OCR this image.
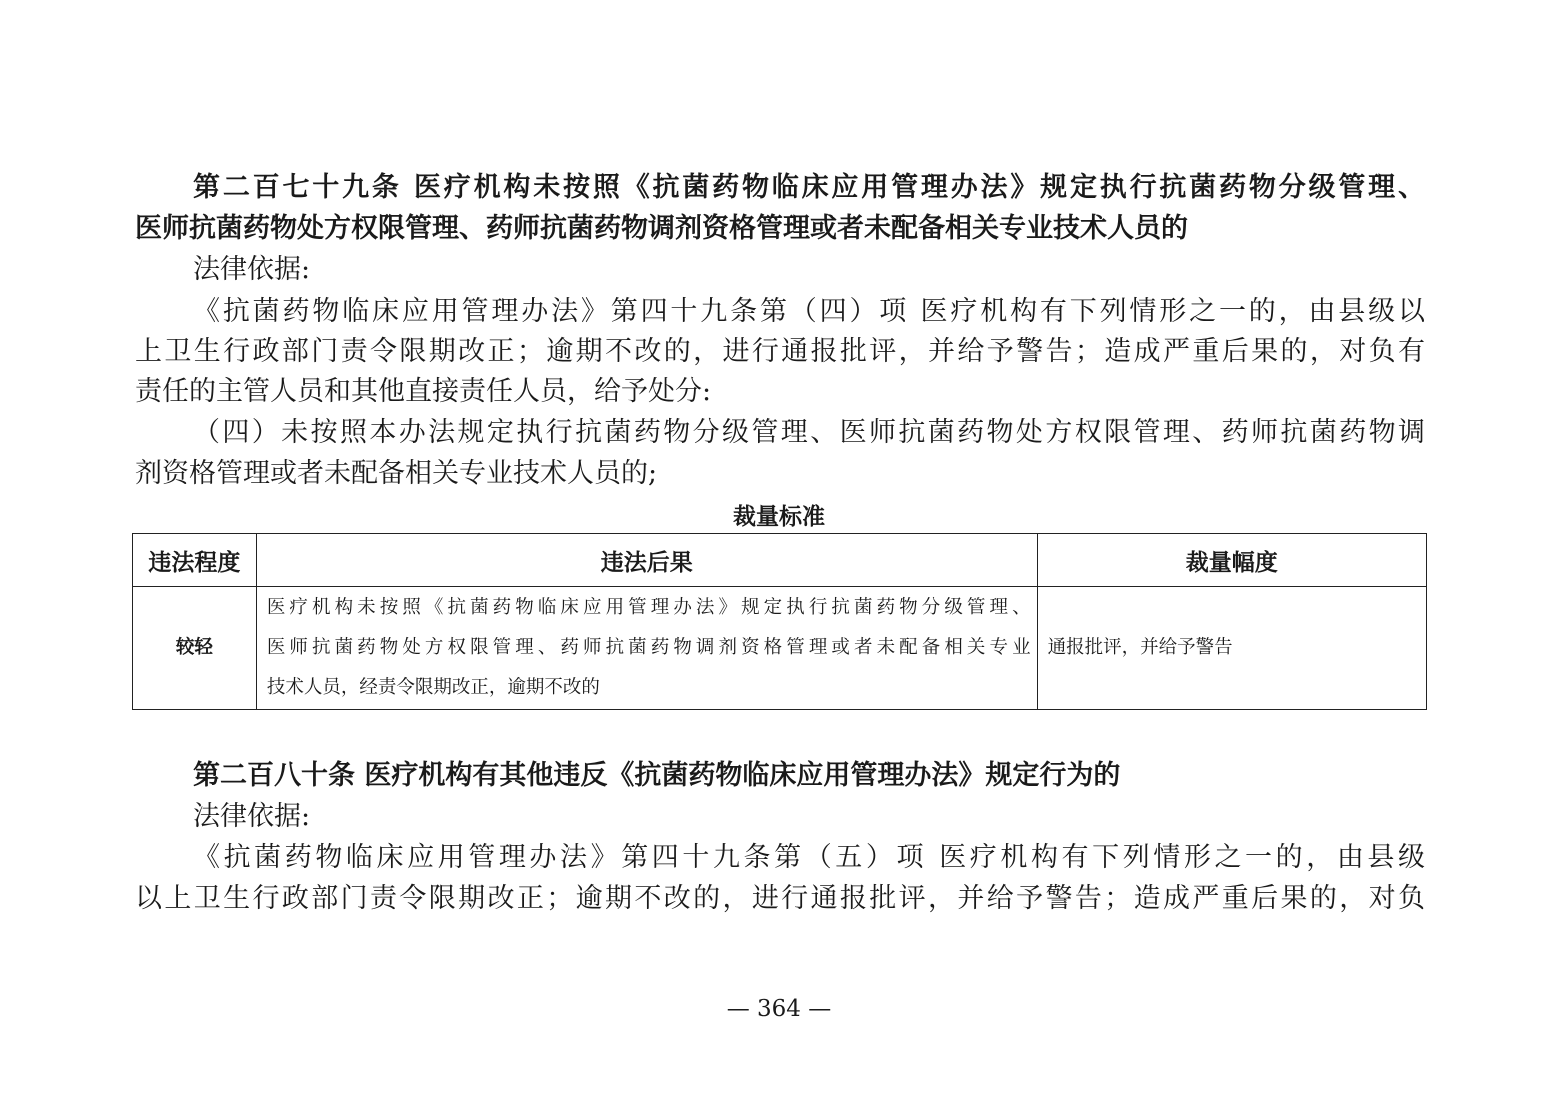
第二百七十九条 医疗机构未按照《抗菌药物临床应用管理办法》规定执行抗菌药物分级管理、
医师抗菌药物处方权限管理、药师抗菌药物调剂资格管理或者未配备相关专业技术人员的
法律依据:
《抗菌药物临床应用管理办法》第四十九条第（四）项 医疗机构有下列情形之一的，由县级以
上卫生行政部门责令限期改正；逾期不改的，进行通报批评，并给予警告；造成严重后果的，对负有
责任的主管人员和其他直接责任人员，给予处分:
（四）未按照本办法规定执行抗菌药物分级管理、医师抗菌药物处方权限管理、药师抗菌药物调
剂资格管理或者未配备相关专业技术人员的;
裁量标准
违法程度	违法后果	裁量幅度
较轻	医疗机构未按照《抗菌药物临床应用管理办法》规定执行抗菌药物分级管理、
医师抗菌药物处方权限管理、药师抗菌药物调剂资格管理或者未配备相关专业
技术人员，经责令限期改正，逾期不改的	通报批评，并给予警告
第二百八十条 医疗机构有其他违反《抗菌药物临床应用管理办法》规定行为的
法律依据:
《抗菌药物临床应用管理办法》第四十九条第（五）项 医疗机构有下列情形之一的，由县级
以上卫生行政部门责令限期改正；逾期不改的，进行通报批评，并给予警告；造成严重后果的，对负
— 364 —
